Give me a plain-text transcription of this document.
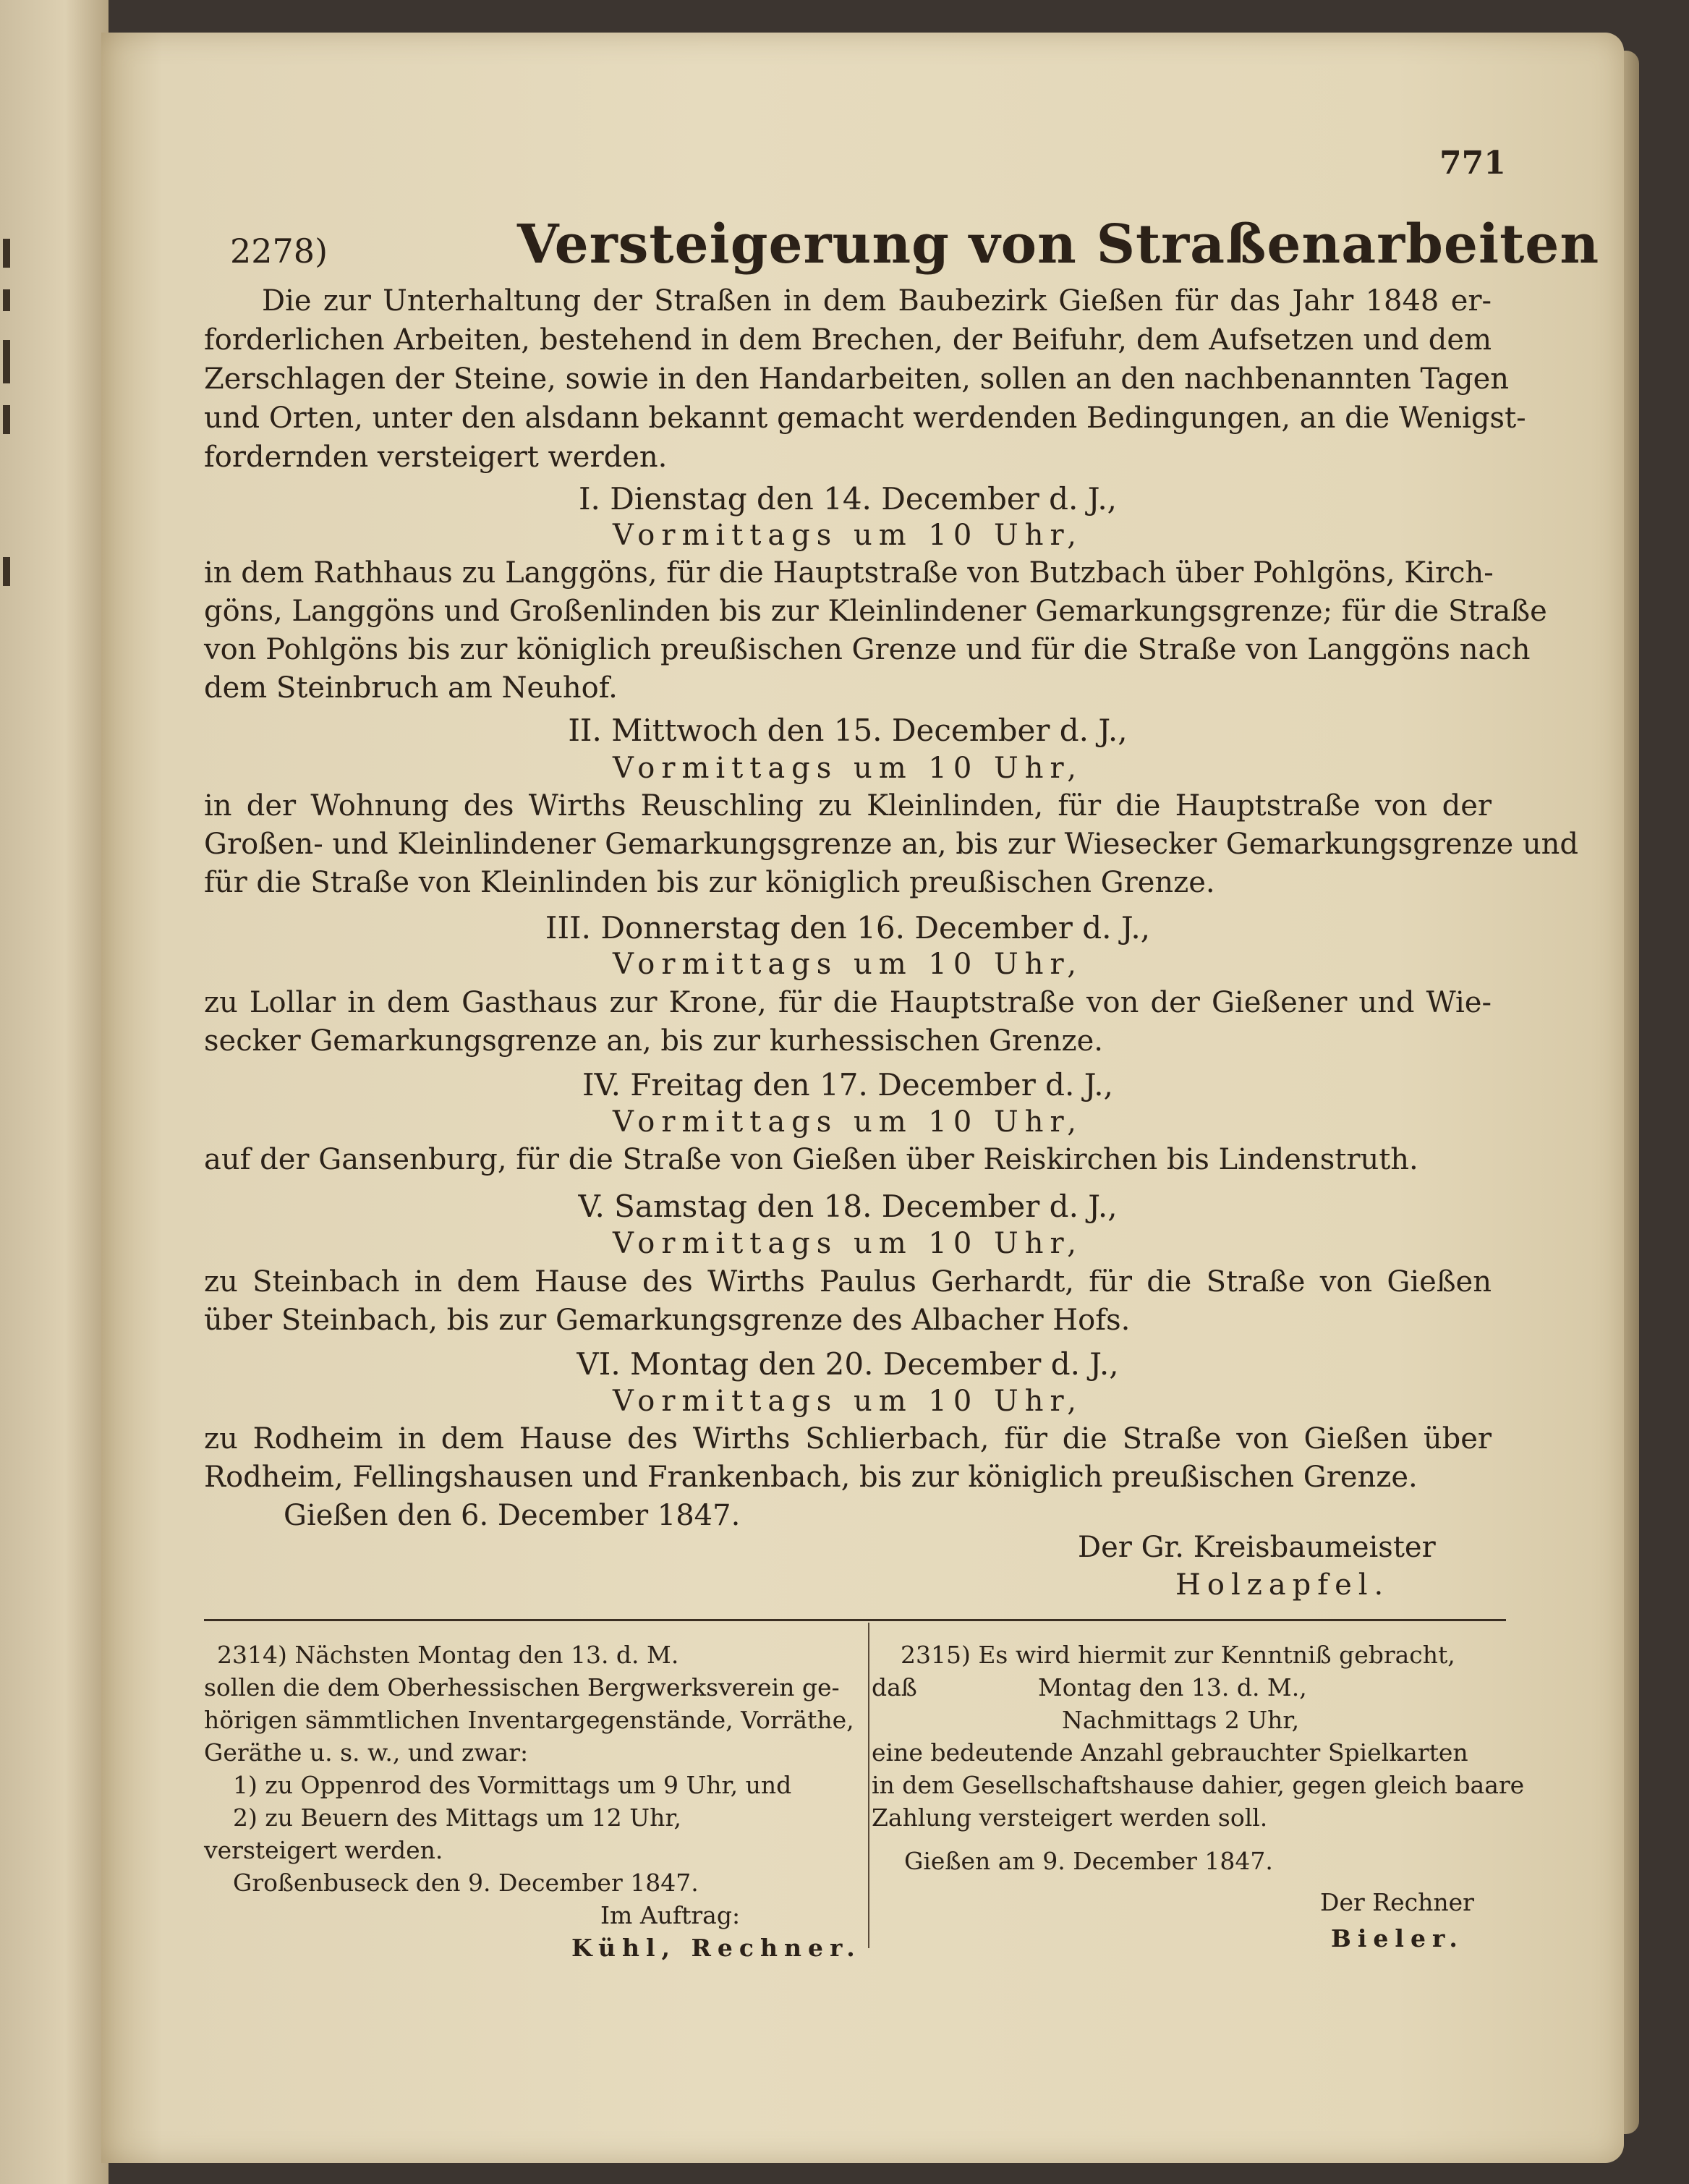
771
2278)	Versteigerung von Straßenarbeiten
Die zur Unterhaltung der Straßen in dem Baubezirk Gießen für das Jahr 1848 er-
forderlichen Arbeiten, bestehend in dem Brechen, der Beifuhr, dem Aufsetzen und dem
Zerschlagen der Steine, sowie in den Handarbeiten, sollen an den nachbenannten Tagen
und Orten, unter den alsdann bekannt gemacht werdenden Bedingungen, an die Wenigst-
fordernden versteigert werden.
I. Dienstag den 14. December d. J.,
Vormittags um 10 Uhr,
in dem Rathhaus zu Langgöns, für die Hauptstraße von Butzbach über Pohlgöns, Kirch-
göns, Langgöns und Großenlinden bis zur Kleinlindener Gemarkungsgrenze; für die Straße
von Pohlgöns bis zur königlich preußischen Grenze und für die Straße von Langgöns nach
dem Steinbruch am Neuhof.
II. Mittwoch den 15. December d. J.,
Vormittags um 10 Uhr,
in der Wohnung des Wirths Reuschling zu Kleinlinden, für die Hauptstraße von der
Großen- und Kleinlindener Gemarkungsgrenze an, bis zur Wiesecker Gemarkungsgrenze und
für die Straße von Kleinlinden bis zur königlich preußischen Grenze.
III. Donnerstag den 16. December d. J.,
Vormittags um 10 Uhr,
zu Lollar in dem Gasthaus zur Krone, für die Hauptstraße von der Gießener und Wie-
secker Gemarkungsgrenze an, bis zur kurhessischen Grenze.
IV. Freitag den 17. December d. J.,
Vormittags um 10 Uhr,
auf der Gansenburg, für die Straße von Gießen über Reiskirchen bis Lindenstruth.
V. Samstag den 18. December d. J.,
Vormittags um 10 Uhr,
zu Steinbach in dem Hause des Wirths Paulus Gerhardt, für die Straße von Gießen
über Steinbach, bis zur Gemarkungsgrenze des Albacher Hofs.
VI. Montag den 20. December d. J.,
Vormittags um 10 Uhr,
zu Rodheim in dem Hause des Wirths Schlierbach, für die Straße von Gießen über
Rodheim, Fellingshausen und Frankenbach, bis zur königlich preußischen Grenze.
Gießen den 6. December 1847.
Der Gr. Kreisbaumeister
Holzapfel.
2314) Nächsten Montag den 13. d. M.
sollen die dem Oberhessischen Bergwerksverein ge-
hörigen sämmtlichen Inventargegenstände, Vorräthe,
Geräthe u. s. w., und zwar:
1) zu Oppenrod des Vormittags um 9 Uhr, und
2) zu Beuern des Mittags um 12 Uhr,
versteigert werden.
Großenbuseck den 9. December 1847.
Im Auftrag:
Kühl, Rechner.
2315) Es wird hiermit zur Kenntniß gebracht,
daß	Montag den 13. d. M.,
Nachmittags 2 Uhr,
eine bedeutende Anzahl gebrauchter Spielkarten
in dem Gesellschaftshause dahier, gegen gleich baare
Zahlung versteigert werden soll.
Gießen am 9. December 1847.
Der Rechner
Bieler.
